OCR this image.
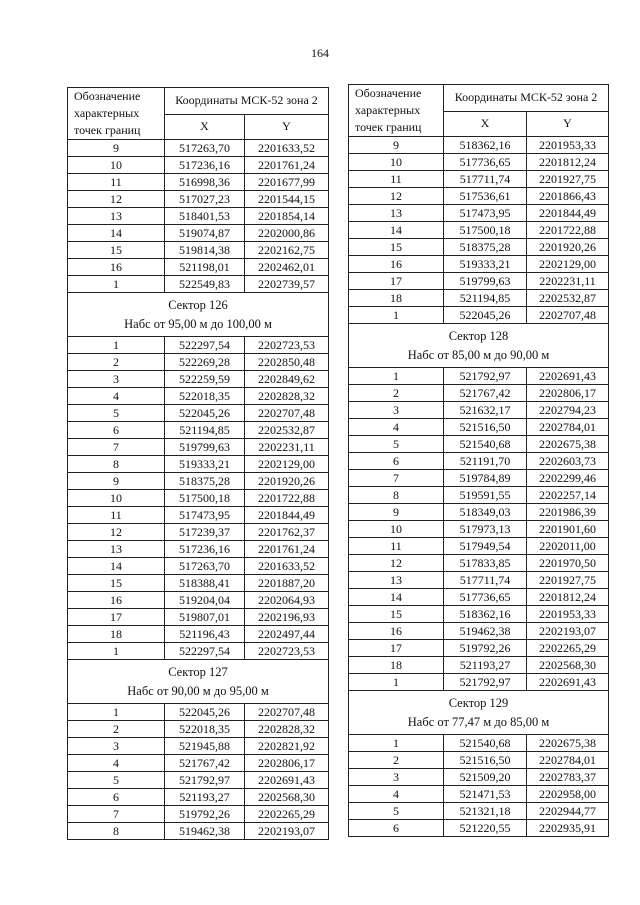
164
Обозначение характерных точек границ	Координаты МСК-52 зона 2	
	X	Y
9	517263,70	2201633,52
10	517236,16	2201761,24
11	516998,36	2201677,99
12	517027,23	2201544,15
13	518401,53	2201854,14
14	519074,87	2202000,86
15	519814,38	2202162,75
16	521198,01	2202462,01
1	522549,83	2202739,57

Сектор 126
Набс от 95,00 м до 100,00 м		

1	522297,54	2202723,53
2	522269,28	2202850,48
3	522259,59	2202849,62
4	522018,35	2202828,32
5	522045,26	2202707,48
6	521194,85	2202532,87
7	519799,63	2202231,11
8	519333,21	2202129,00
9	518375,28	2201920,26
10	517500,18	2201722,88
11	517473,95	2201844,49
12	517239,37	2201762,37
13	517236,16	2201761,24
14	517263,70	2201633,52
15	518388,41	2201887,20
16	519204,04	2202064,93
17	519807,01	2202196,93
18	521196,43	2202497,44
1	522297,54	2202723,53

Сектор 127
Набс от 90,00 м до 95,00 м		

1	522045,26	2202707,48
2	522018,35	2202828,32
3	521945,88	2202821,92
4	521767,42	2202806,17
5	521792,97	2202691,43
6	521193,27	2202568,30
7	519792,26	2202265,29
8	519462,38	2202193,07
Обозначение характерных точек границ	Координаты МСК-52 зона 2	
	X	Y
9	518362,16	2201953,33
10	517736,65	2201812,24
11	517711,74	2201927,75
12	517536,61	2201866,43
13	517473,95	2201844,49
14	517500,18	2201722,88
15	518375,28	2201920,26
16	519333,21	2202129,00
17	519799,63	2202231,11
18	521194,85	2202532,87
1	522045,26	2202707,48

Сектор 128
Набс от 85,00 м до 90,00 м		

1	521792,97	2202691,43
2	521767,42	2202806,17
3	521632,17	2202794,23
4	521516,50	2202784,01
5	521540,68	2202675,38
6	521191,70	2202603,73
7	519784,89	2202299,46
8	519591,55	2202257,14
9	518349,03	2201986,39
10	517973,13	2201901,60
11	517949,54	2202011,00
12	517833,85	2201970,50
13	517711,74	2201927,75
14	517736,65	2201812,24
15	518362,16	2201953,33
16	519462,38	2202193,07
17	519792,26	2202265,29
18	521193,27	2202568,30
1	521792,97	2202691,43

Сектор 129
Набс от 77,47 м до 85,00 м		

1	521540,68	2202675,38
2	521516,50	2202784,01
3	521509,20	2202783,37
4	521471,53	2202958,00
5	521321,18	2202944,77
6	521220,55	2202935,91
